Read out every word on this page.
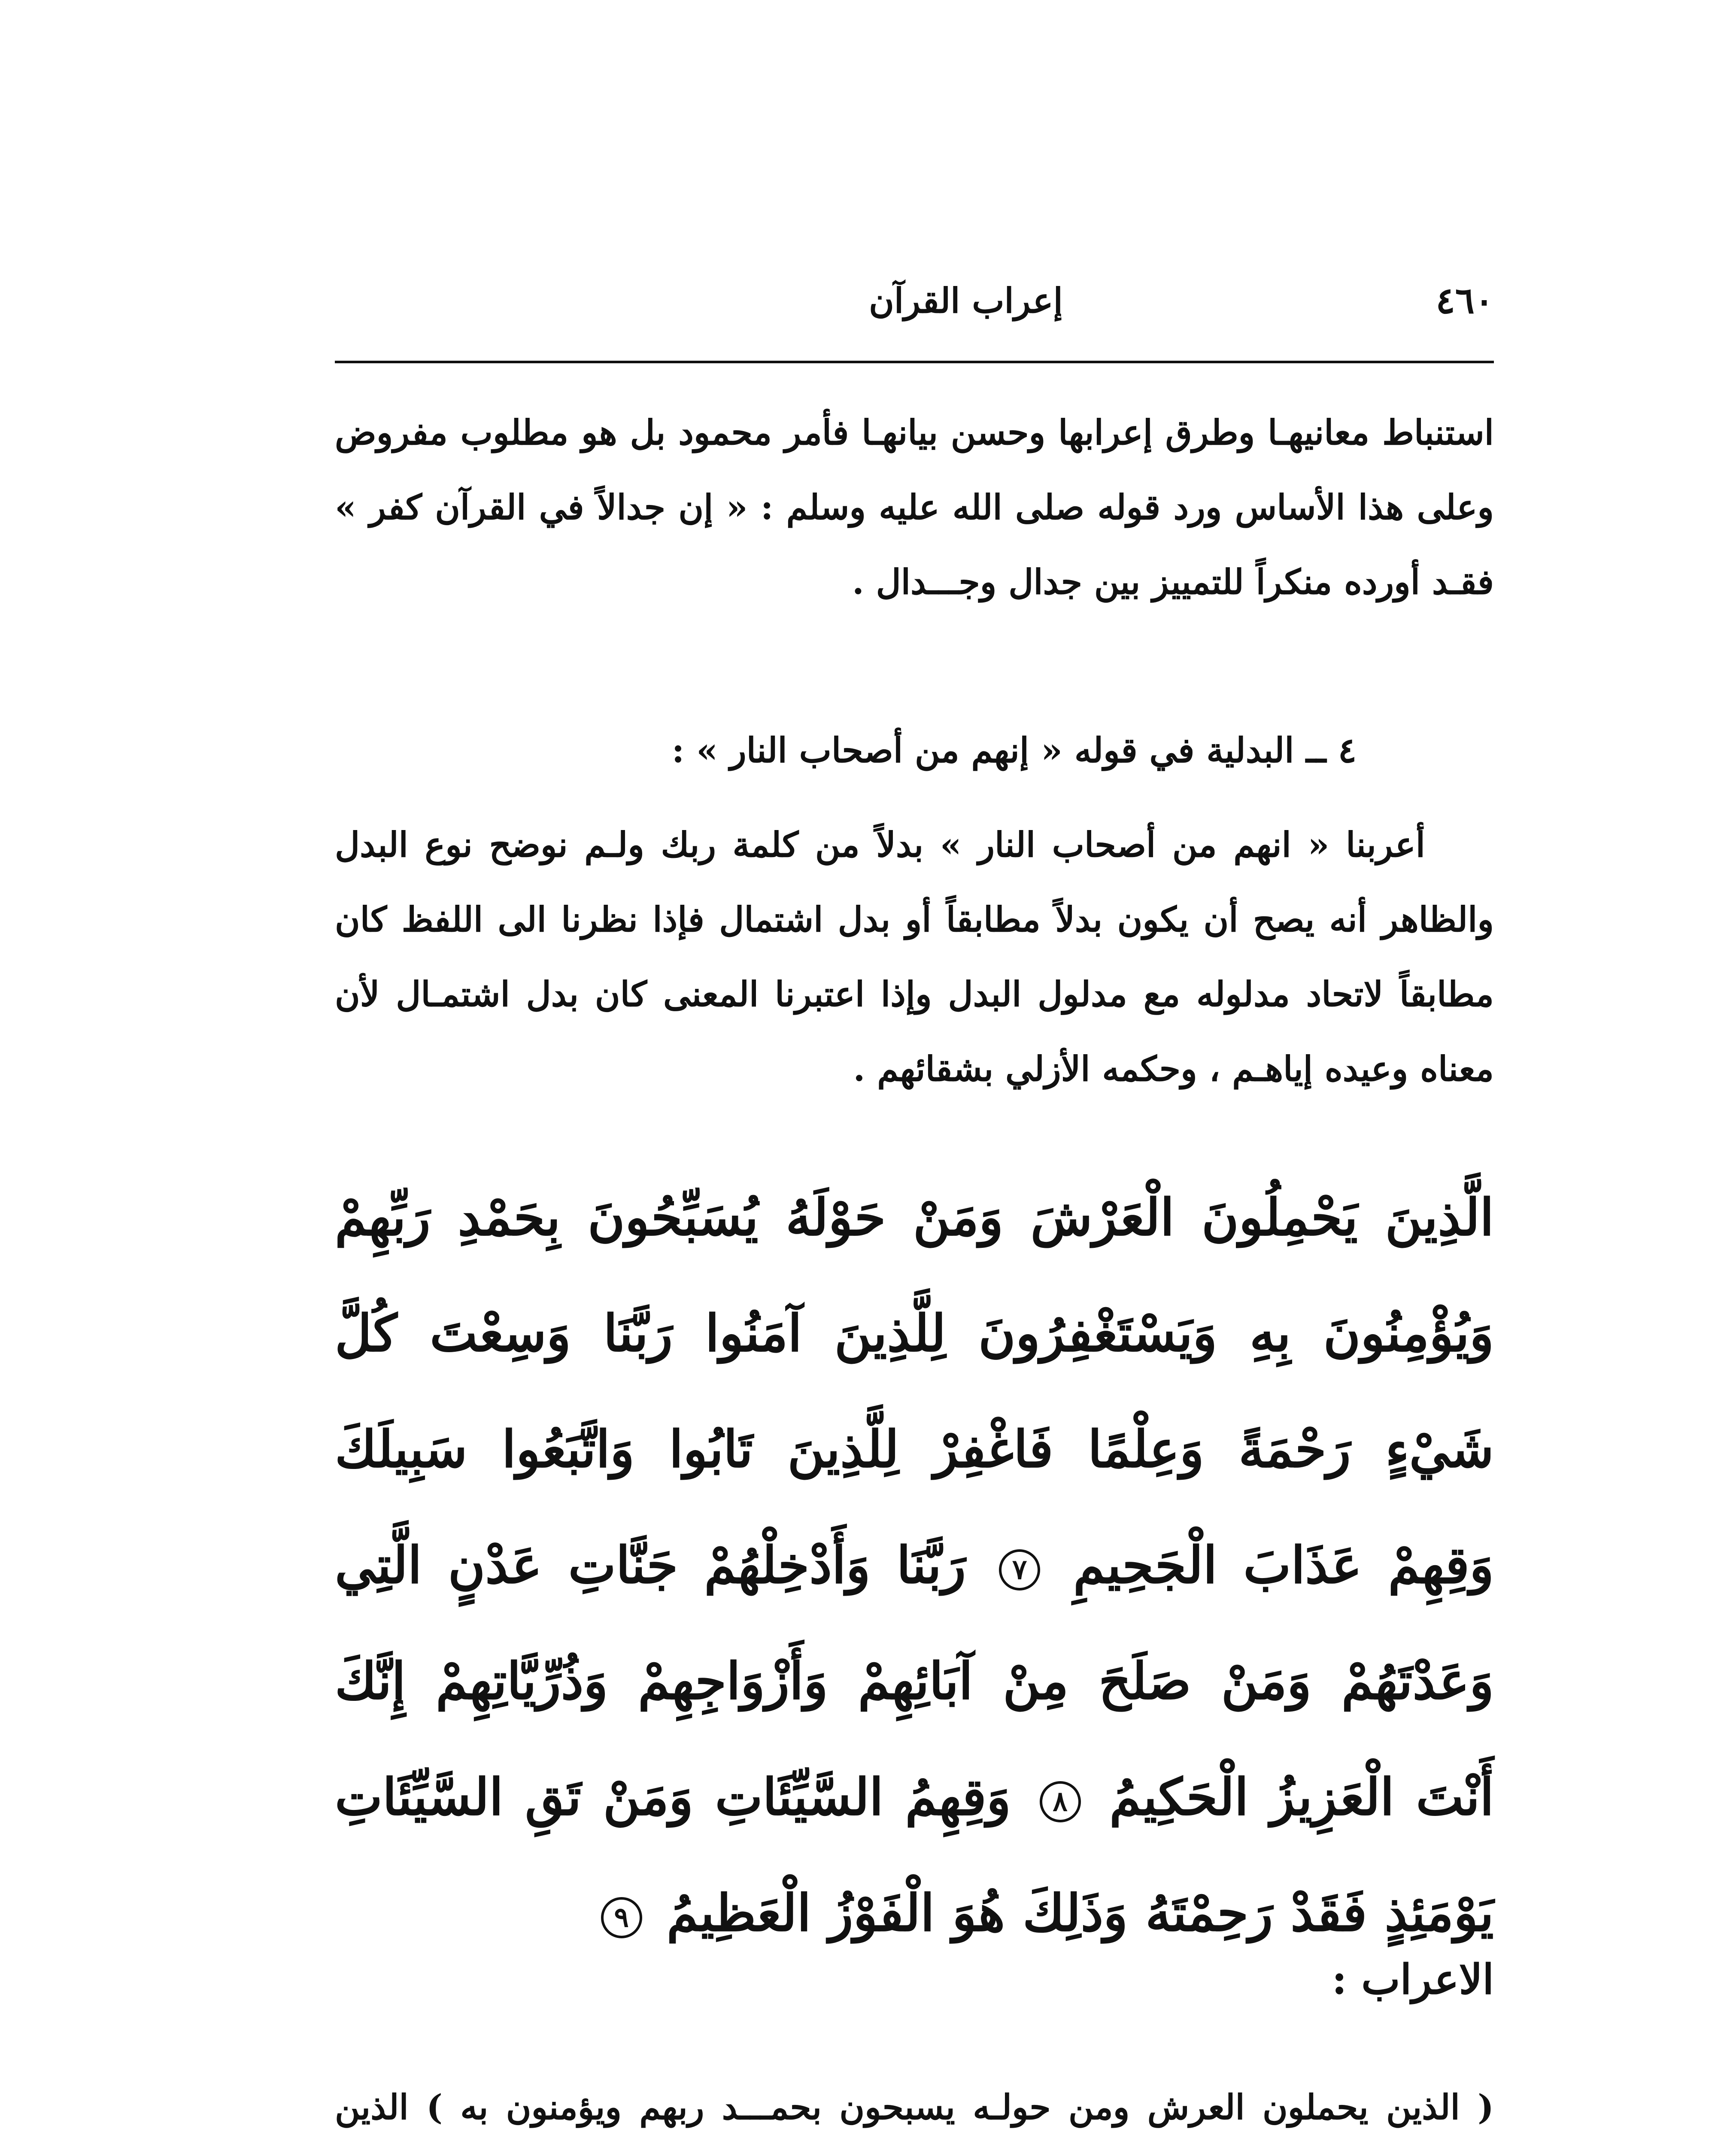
٤٦٠
إعراب القرآن

استنباط معانيهـا وطرق إعرابها وحسن بيانهـا فأمر محمود بل هو مطلوب مفروض وعلى هذا الأساس ورد قوله صلى الله عليه وسلم : « إن جدالاً في القرآن كفر » فقـد أورده منكراً للتمييز بين جدال وجـــدال .

٤ ــ البدلية في قوله « إنهم من أصحاب النار » :

أعربنا « انهم من أصحاب النار » بدلاً من كلمة ربك ولـم نوضح نوع البدل والظاهر أنه يصح أن يكون بدلاً مطابقاً أو بدل اشتمال فإذا نظرنا الى اللفظ كان مطابقاً لاتحاد مدلوله مع مدلول البدل وإذا اعتبرنا المعنى كان بدل اشتمـال لأن معناه وعيده إياهـم ، وحكمه الأزلي بشقائهم .

الَّذِينَ يَحْمِلُونَ الْعَرْشَ وَمَنْ حَوْلَهُ يُسَبِّحُونَ بِحَمْدِ رَبِّهِمْ وَيُؤْمِنُونَ بِهِ وَيَسْتَغْفِرُونَ لِلَّذِينَ آمَنُوا رَبَّنَا وَسِعْتَ كُلَّ شَيْءٍ رَحْمَةً وَعِلْمًا فَاغْفِرْ لِلَّذِينَ تَابُوا وَاتَّبَعُوا سَبِيلَكَ وَقِهِمْ عَذَابَ الْجَحِيمِ ٧ رَبَّنَا وَأَدْخِلْهُمْ جَنَّاتِ عَدْنٍ الَّتِي وَعَدْتَهُمْ وَمَنْ صَلَحَ مِنْ آبَائِهِمْ وَأَزْوَاجِهِمْ وَذُرِّيَّاتِهِمْ إِنَّكَ أَنْتَ الْعَزِيزُ الْحَكِيمُ ٨ وَقِهِمُ السَّيِّئَاتِ وَمَنْ تَقِ السَّيِّئَاتِ يَوْمَئِذٍ فَقَدْ رَحِمْتَهُ وَذَلِكَ هُوَ الْفَوْزُ الْعَظِيمُ ٩
الاعراب :

( الذين يحملون العرش ومن حولـه يسبحون بحمـــد ربهم ويؤمنون به ) الذين
